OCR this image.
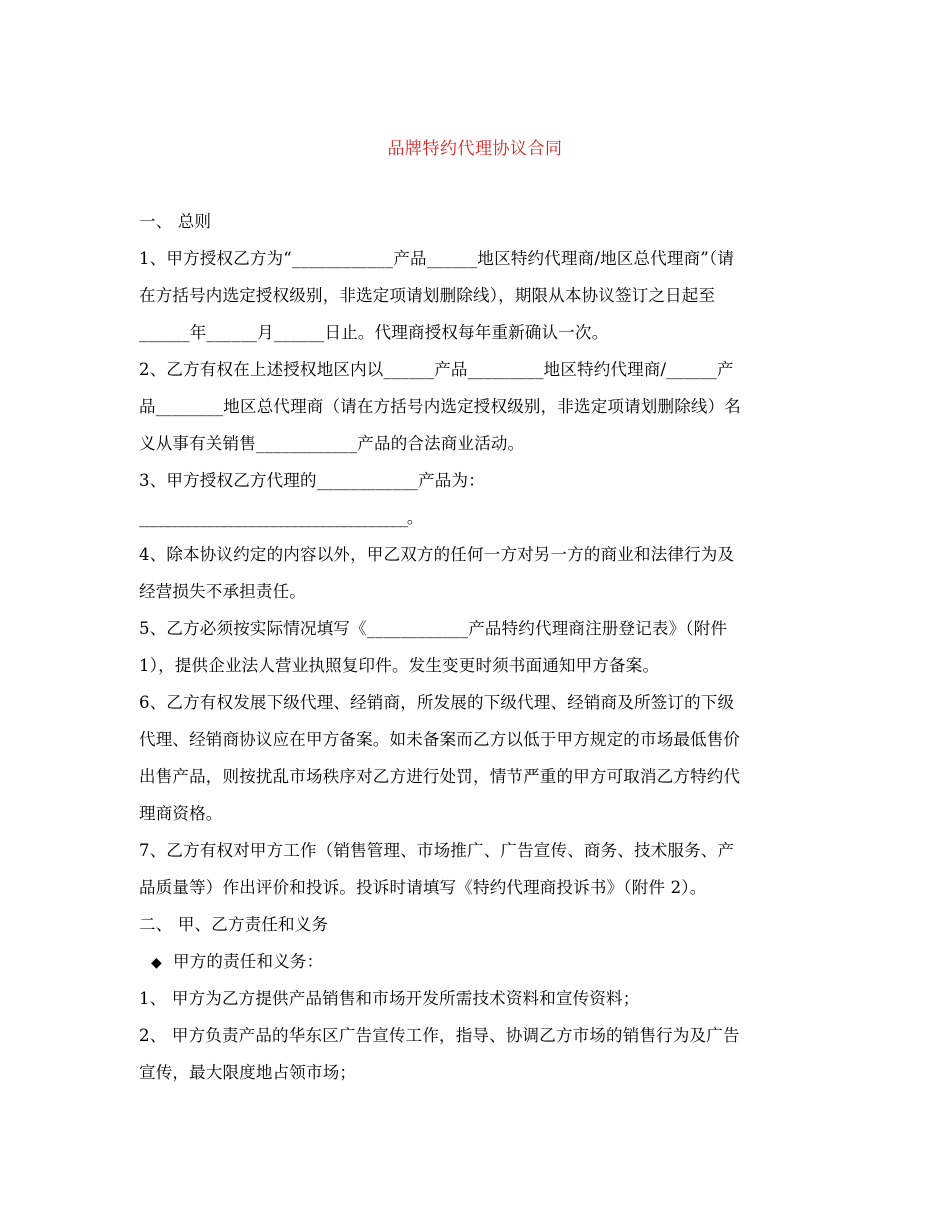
品牌特约代理协议合同
一、 总则
1、甲方授权乙方为“____________产品______地区特约代理商/地区总代理商”（请
在方括号内选定授权级别，非选定项请划删除线），期限从本协议签订之日起至
______年______月______日止。代理商授权每年重新确认一次。
2、乙方有权在上述授权地区内以______产品_________地区特约代理商/______产
品________地区总代理商（请在方括号内选定授权级别，非选定项请划删除线）名
义从事有关销售____________产品的合法商业活动。
3、甲方授权乙方代理的____________产品为：
______________________________________。
4、除本协议约定的内容以外，甲乙双方的任何一方对另一方的商业和法律行为及
经营损失不承担责任。
5、乙方必须按实际情况填写《____________产品特约代理商注册登记表》（附件
1），提供企业法人营业执照复印件。发生变更时须书面通知甲方备案。
6、乙方有权发展下级代理、经销商，所发展的下级代理、经销商及所签订的下级
代理、经销商协议应在甲方备案。如未备案而乙方以低于甲方规定的市场最低售价
出售产品，则按扰乱市场秩序对乙方进行处罚，情节严重的甲方可取消乙方特约代
理商资格。
7、乙方有权对甲方工作（销售管理、市场推广、广告宣传、商务、技术服务、产
品质量等）作出评价和投诉。投诉时请填写《特约代理商投诉书》（附件 2）。
二、 甲、乙方责任和义务
◆ 甲方的责任和义务：
1、 甲方为乙方提供产品销售和市场开发所需技术资料和宣传资料；
2、 甲方负责产品的华东区广告宣传工作，指导、协调乙方市场的销售行为及广告
宣传，最大限度地占领市场；
